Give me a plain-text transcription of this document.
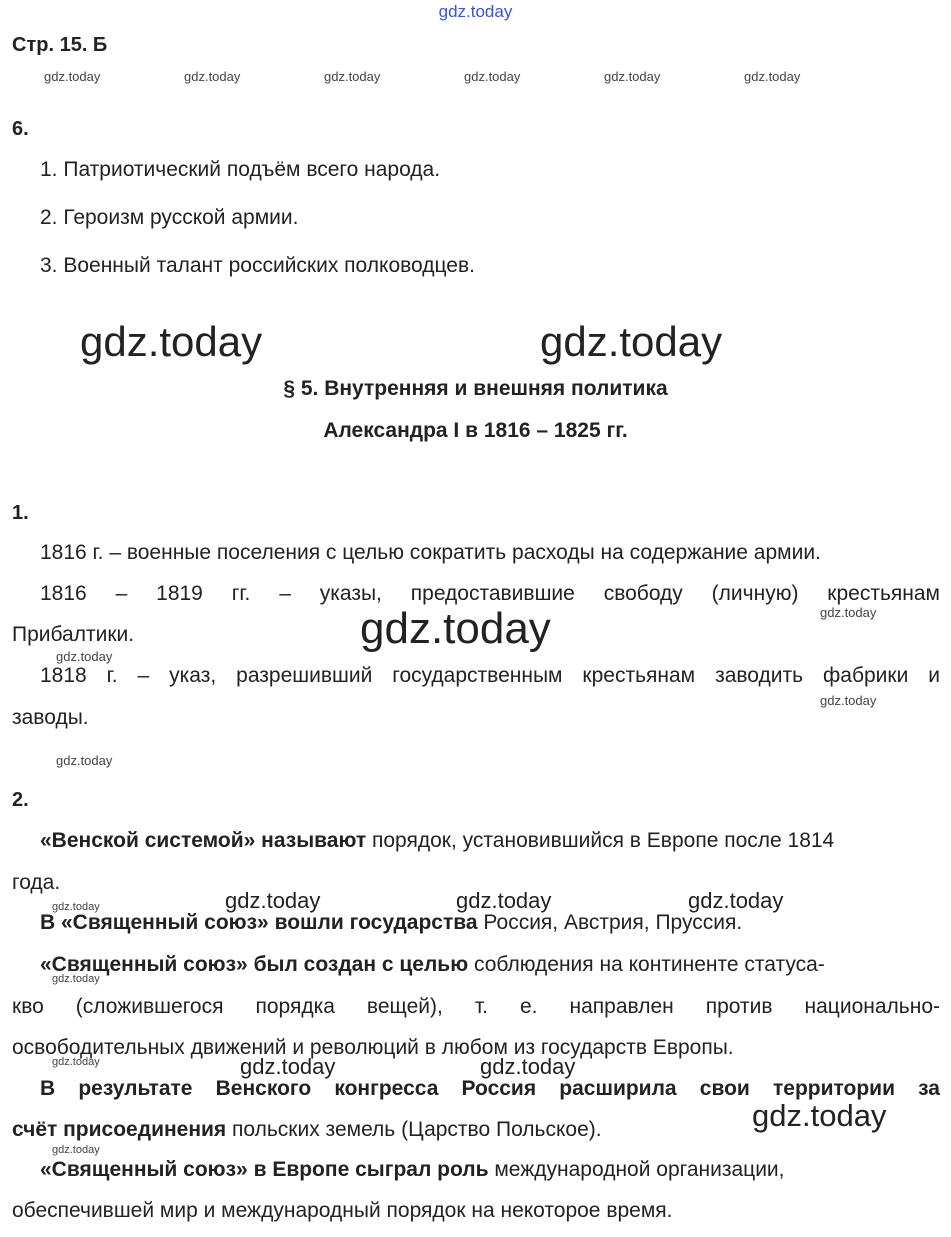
gdz.today
gdz.today	gdz.today	gdz.today	gdz.today	gdz.today	gdz.today
gdz.today	gdz.today
gdz.today	gdz.today
gdz.today
gdz.today
gdz.today
gdz.today	gdz.today	gdz.today	gdz.today
gdz.today
gdz.today	gdz.today
gdz.today
gdz.today
gdz.today
Стр. 15. Б
6.
1. Патриотический подъём всего народа.
2. Героизм русской армии.
3. Военный талант российских полководцев.
§ 5. Внутренняя и внешняя политика
Александра I в 1816 – 1825 гг.
1.
1816 г. – военные поселения с целью сократить расходы на содержание армии.
1816 – 1819 гг. – указы, предоставившие свободу (личную) крестьянам
Прибалтики.
1818 г. – указ, разрешивший государственным крестьянам заводить фабрики и
заводы.
2.
«Венской системой» называют порядок, установившийся в Европе после 1814
года.
В «Священный союз» вошли государства Россия, Австрия, Пруссия.
«Священный союз» был создан с целью соблюдения на континенте статуса-
кво (сложившегося порядка вещей), т. е. направлен против национально-
освободительных движений и революций в любом из государств Европы.
В результате Венского конгресса Россия расширила свои территории за
счёт присоединения польских земель (Царство Польское).
«Священный союз» в Европе сыграл роль международной организации,
обеспечившей мир и международный порядок на некоторое время.
